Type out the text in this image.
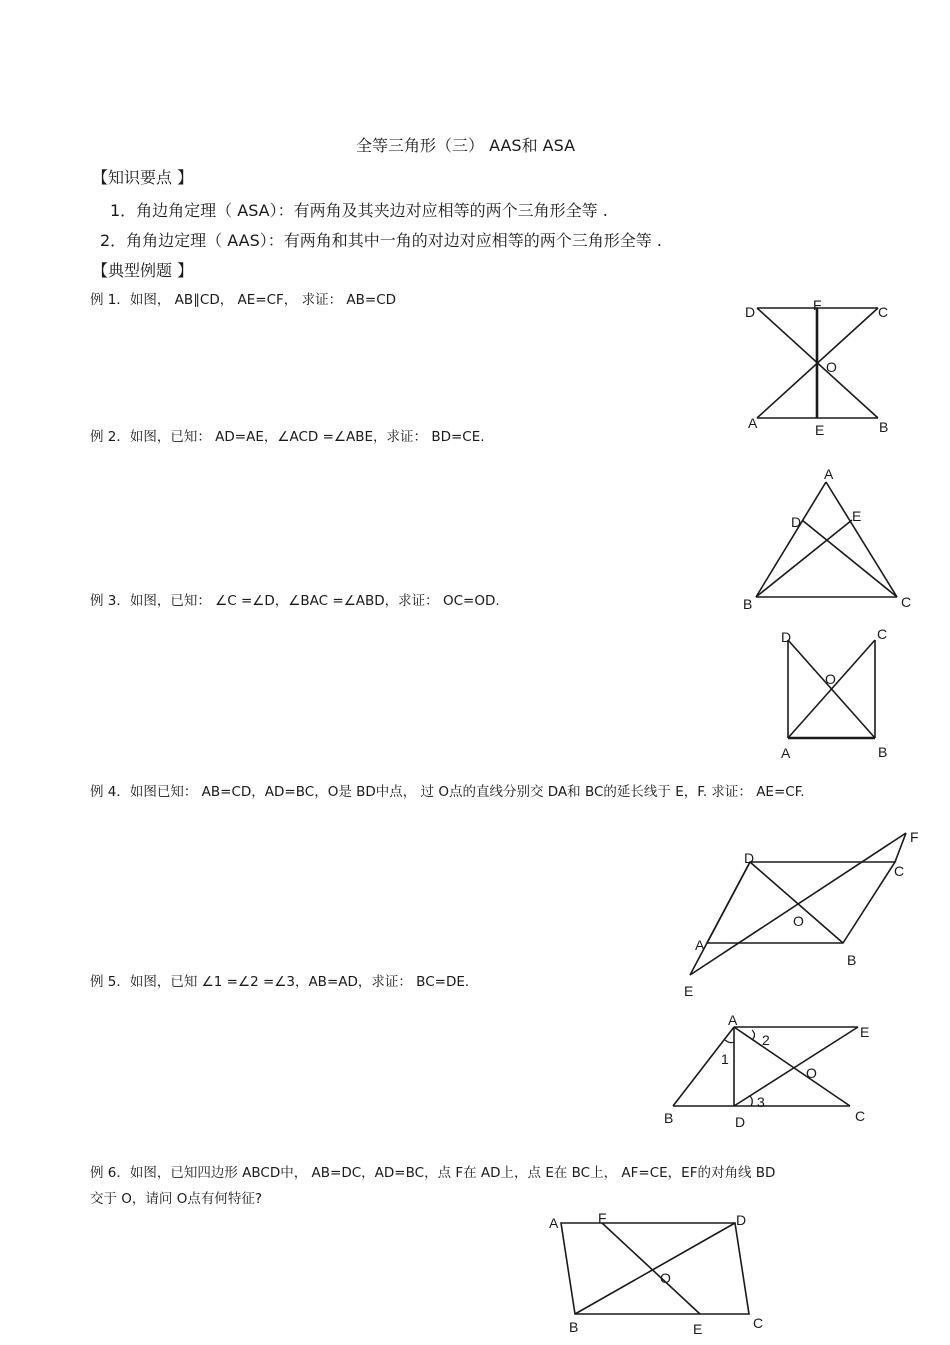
全等三角形（三） AAS和 ASA
【知识要点 】
1．角边角定理（ ASA）：有两角及其夹边对应相等的两个三角形全等 .
2．角角边定理（ AAS）：有两角和其中一角的对边对应相等的两个三角形全等 .
【典型例题 】
例 1．如图， AB∥CD， AE=CF， 求证： AB=CD
例 2．如图，已知： AD=AE，∠ACD =∠ABE，求证： BD=CE.
例 3．如图，已知： ∠C =∠D，∠BAC =∠ABD，求证： OC=OD.
例 4．如图已知： AB=CD，AD=BC，O是 BD中点， 过 O点的直线分别交 DA和 BC的延长线于 E，F. 求证： AE=CF.
例 5．如图，已知 ∠1 =∠2 =∠3，AB=AD，求证： BC=DE.
例 6．如图，已知四边形 ABCD中， AB=DC，AD=BC，点 F在 AD上，点 E在 BC上， AF=CE，EF的对角线 BD
交于 O，请问 O点有何特征?
D	F	C
O
A	E	B
A
D	E
B	C
D	C
O
A	B
F
D
C
O
A
B
E
A
E
2
1
O
3
B	D	C
A	F	D
O
B	E	C
